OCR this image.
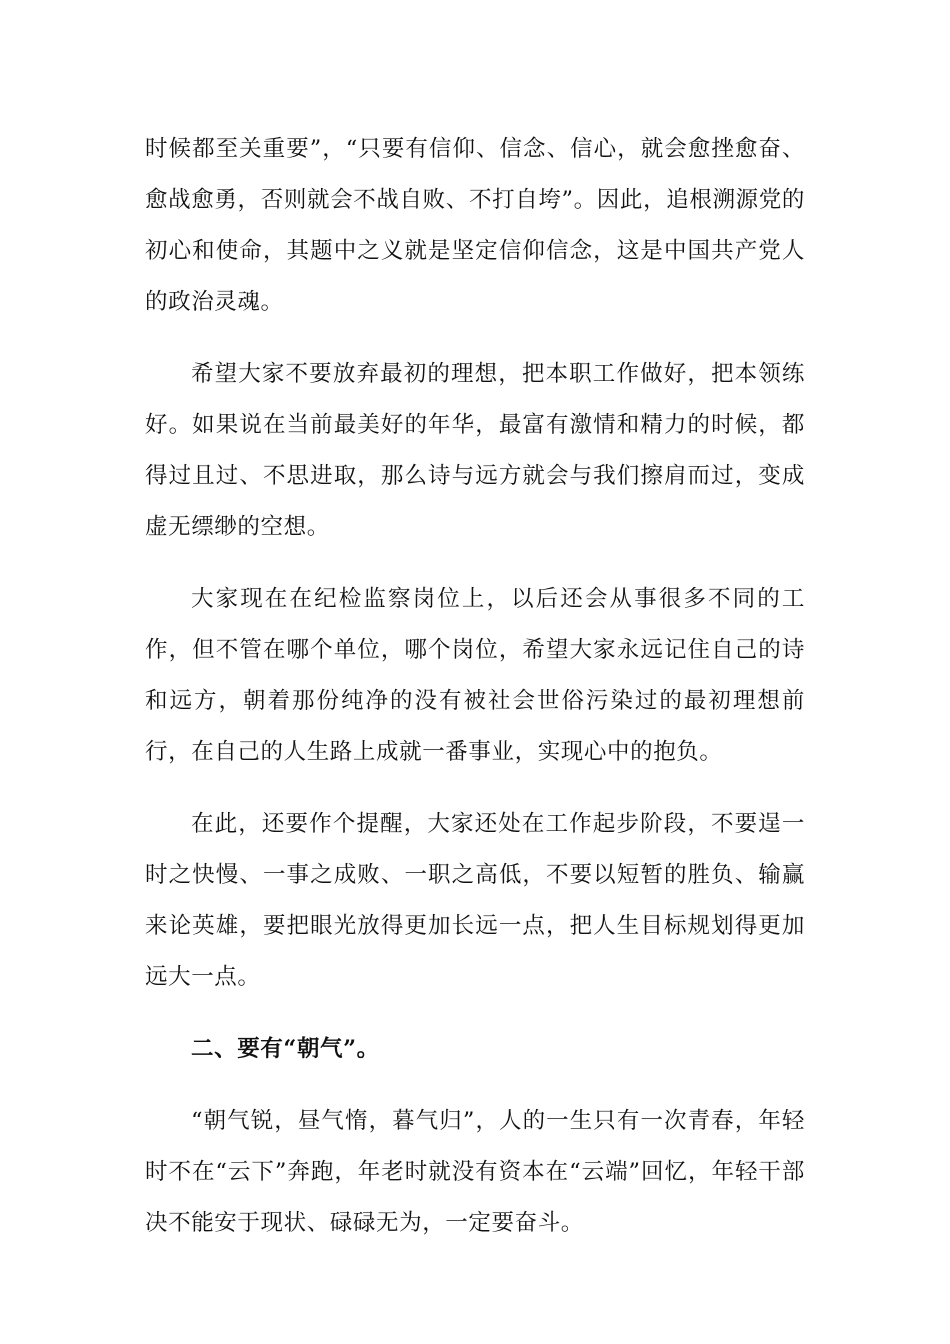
时候都至关重要”，“只要有信仰、信念、信心，就会愈挫愈奋、愈战愈勇，否则就会不战自败、不打自垮”。因此，追根溯源党的初心和使命，其题中之义就是坚定信仰信念，这是中国共产党人的政治灵魂。

希望大家不要放弃最初的理想，把本职工作做好，把本领练好。如果说在当前最美好的年华，最富有激情和精力的时候，都得过且过、不思进取，那么诗与远方就会与我们擦肩而过，变成虚无缥缈的空想。

大家现在在纪检监察岗位上，以后还会从事很多不同的工作，但不管在哪个单位，哪个岗位，希望大家永远记住自己的诗和远方，朝着那份纯净的没有被社会世俗污染过的最初理想前行，在自己的人生路上成就一番事业，实现心中的抱负。

在此，还要作个提醒，大家还处在工作起步阶段，不要逞一时之快慢、一事之成败、一职之高低，不要以短暂的胜负、输赢来论英雄，要把眼光放得更加长远一点，把人生目标规划得更加远大一点。

二、要有“朝气”。

“朝气锐，昼气惰，暮气归”，人的一生只有一次青春，年轻时不在“云下”奔跑，年老时就没有资本在“云端”回忆，年轻干部决不能安于现状、碌碌无为，一定要奋斗。
